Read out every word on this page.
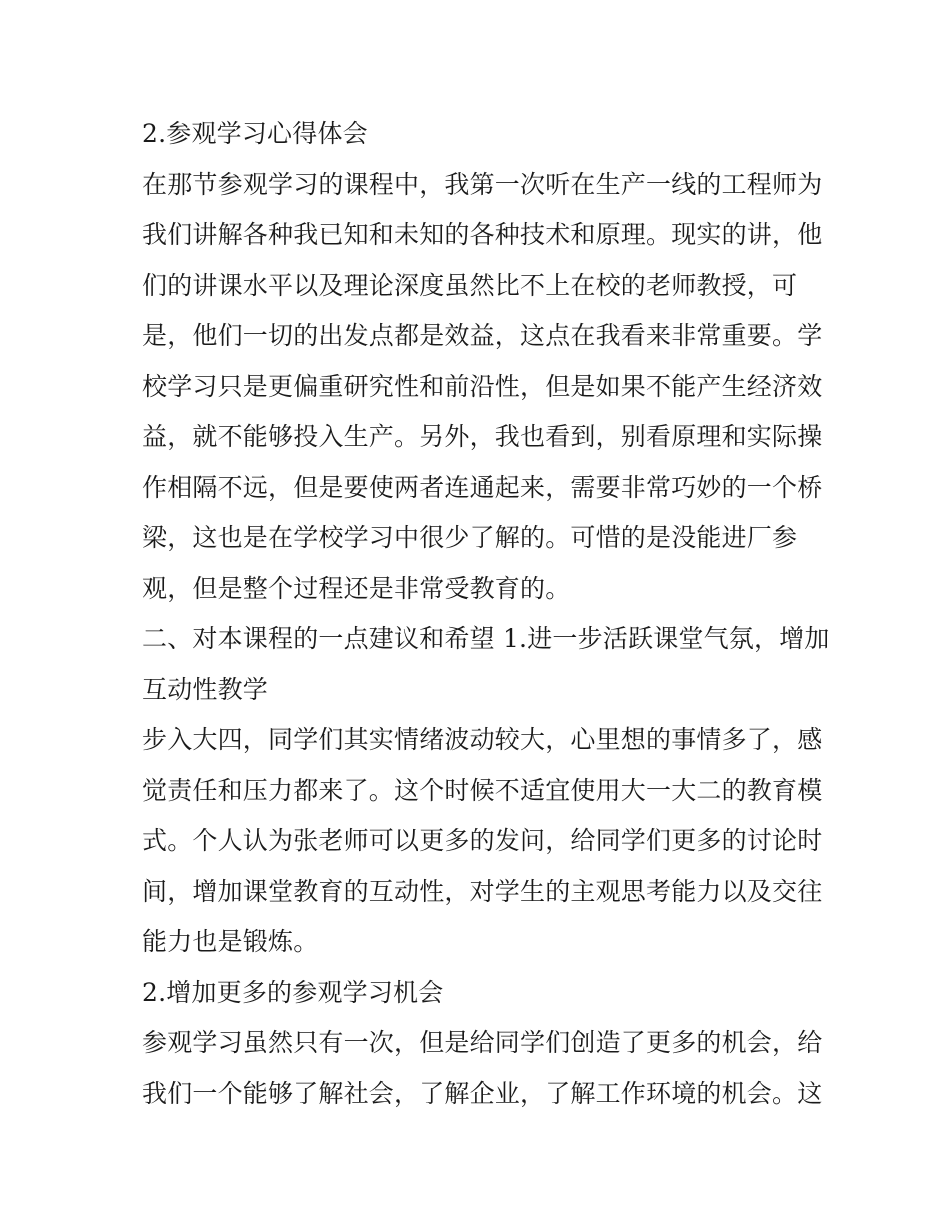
2.参观学习心得体会
在那节参观学习的课程中，我第一次听在生产一线的工程师为
我们讲解各种我已知和未知的各种技术和原理。现实的讲，他
们的讲课水平以及理论深度虽然比不上在校的老师教授，可
是，他们一切的出发点都是效益，这点在我看来非常重要。学
校学习只是更偏重研究性和前沿性，但是如果不能产生经济效
益，就不能够投入生产。另外，我也看到，别看原理和实际操
作相隔不远，但是要使两者连通起来，需要非常巧妙的一个桥
梁，这也是在学校学习中很少了解的。可惜的是没能进厂参
观，但是整个过程还是非常受教育的。
二、对本课程的一点建议和希望 1.进一步活跃课堂气氛，增加
互动性教学
步入大四，同学们其实情绪波动较大，心里想的事情多了，感
觉责任和压力都来了。这个时候不适宜使用大一大二的教育模
式。个人认为张老师可以更多的发问，给同学们更多的讨论时
间，增加课堂教育的互动性，对学生的主观思考能力以及交往
能力也是锻炼。
2.增加更多的参观学习机会
参观学习虽然只有一次，但是给同学们创造了更多的机会，给
我们一个能够了解社会，了解企业，了解工作环境的机会。这
